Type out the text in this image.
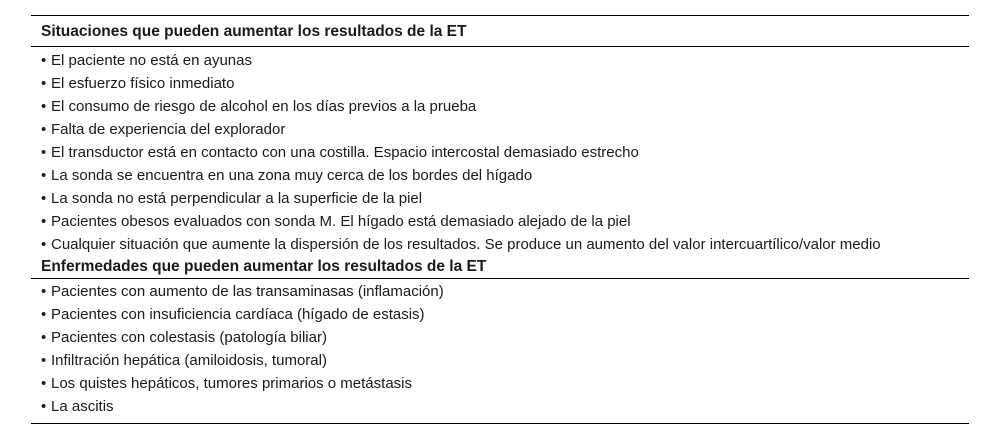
Situaciones que pueden aumentar los resultados de la ET
• El paciente no está en ayunas
• El esfuerzo físico inmediato
• El consumo de riesgo de alcohol en los días previos a la prueba
• Falta de experiencia del explorador
• El transductor está en contacto con una costilla. Espacio intercostal demasiado estrecho
• La sonda se encuentra en una zona muy cerca de los bordes del hígado
• La sonda no está perpendicular a la superficie de la piel
• Pacientes obesos evaluados con sonda M. El hígado está demasiado alejado de la piel
• Cualquier situación que aumente la dispersión de los resultados. Se produce un aumento del valor intercuartílico/valor medio
Enfermedades que pueden aumentar los resultados de la ET
• Pacientes con aumento de las transaminasas (inflamación)
• Pacientes con insuficiencia cardíaca (hígado de estasis)
• Pacientes con colestasis (patología biliar)
• Infiltración hepática (amiloidosis, tumoral)
• Los quistes hepáticos, tumores primarios o metástasis
• La ascitis
